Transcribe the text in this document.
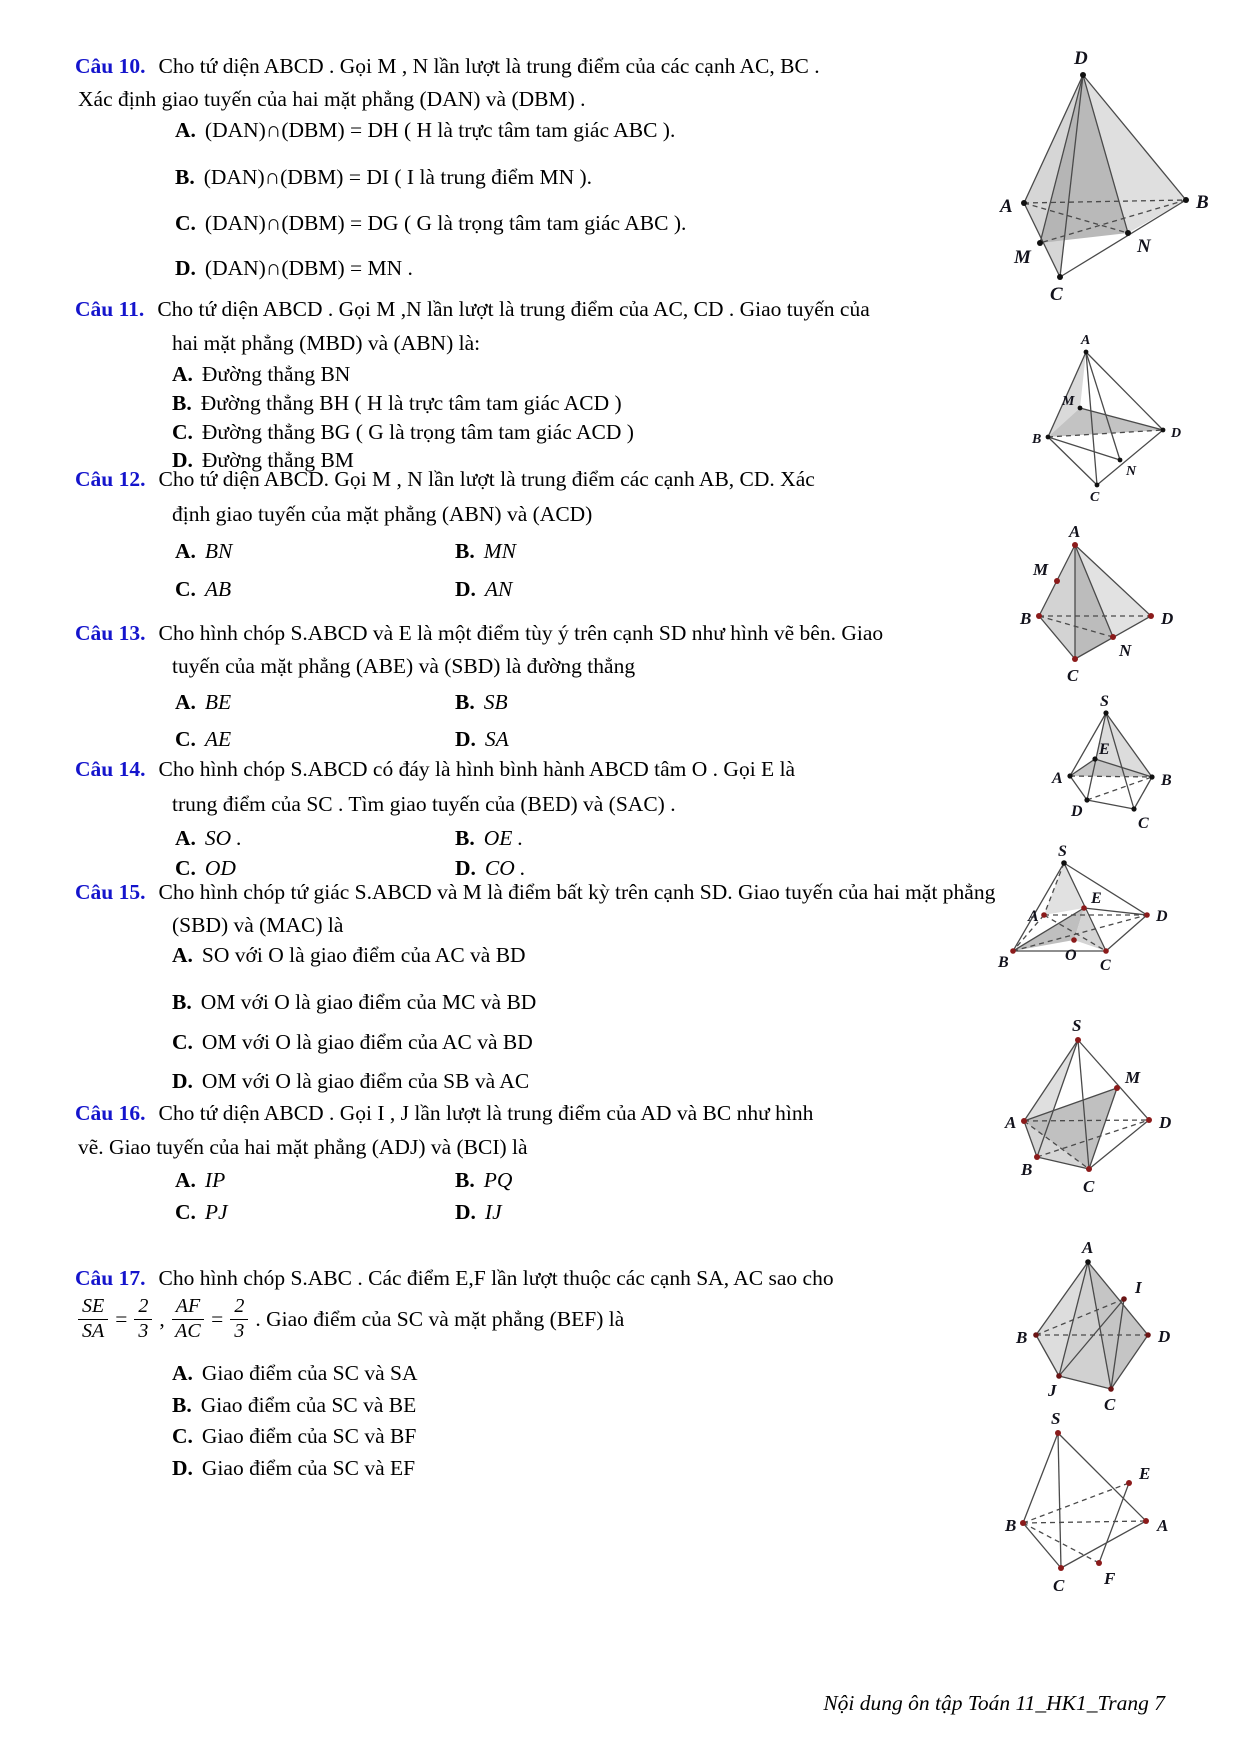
D
A	B
M
N
C
A
M
B	D
N
C
A
M
B	D
N
C
S
E
A	B
D
C
S
E
A	D
O
B	C
S
M
A	D
B
C
A
I
B	D
J
C
S
E
B	A
F
C
Câu 10. Cho tứ diện ABCD . Gọi M , N lần lượt là trung điểm của các cạnh AC, BC .
Xác định giao tuyến của hai mặt phẳng (DAN) và (DBM) .
A. (DAN)∩(DBM) = DH ( H là trực tâm tam giác ABC ).
B. (DAN)∩(DBM) = DI ( I là trung điểm MN ).
C. (DAN)∩(DBM) = DG ( G là trọng tâm tam giác ABC ).
D. (DAN)∩(DBM) = MN .
Câu 11. Cho tứ diện ABCD . Gọi M ,N lần lượt là trung điểm của AC, CD . Giao tuyến của
hai mặt phẳng (MBD) và (ABN) là:
A. Đường thẳng BN
B. Đường thẳng BH ( H là trực tâm tam giác ACD )
C. Đường thẳng BG ( G là trọng tâm tam giác ACD )
D. Đường thẳng BM
Câu 12. Cho tứ diện ABCD. Gọi M , N lần lượt là trung điểm các cạnh AB, CD. Xác
định giao tuyến của mặt phẳng (ABN) và (ACD)
A. BN	B. MN
C. AB	D. AN
Câu 13. Cho hình chóp S.ABCD và E là một điểm tùy ý trên cạnh SD như hình vẽ bên. Giao
tuyến của mặt phẳng (ABE) và (SBD) là đường thẳng
A. BE	B. SB
C. AE	D. SA
Câu 14. Cho hình chóp S.ABCD có đáy là hình bình hành ABCD tâm O . Gọi E là
trung điểm của SC . Tìm giao tuyến của (BED) và (SAC) .
A. SO .	B. OE .
C. OD	D. CO .
Câu 15. Cho hình chóp tứ giác S.ABCD và M là điểm bất kỳ trên cạnh SD. Giao tuyến của hai mặt phẳng
(SBD) và (MAC) là
A. SO với O là giao điểm của AC và BD
B. OM với O là giao điểm của MC và BD
C. OM với O là giao điểm của AC và BD
D. OM với O là giao điểm của SB và AC
Câu 16. Cho tứ diện ABCD . Gọi I , J lần lượt là trung điểm của AD và BC như hình
vẽ. Giao tuyến của hai mặt phẳng (ADJ) và (BCI) là
A. IP	B. PQ
C. PJ	D. IJ
Câu 17. Cho hình chóp S.ABC . Các điểm E,F lần lượt thuộc các cạnh SA, AC sao cho
$\frac{SE}{SA} = \frac{2}{3}$ , $\frac{AF}{AC} = \frac{2}{3}$ . Giao điểm của SC và mặt phẳng (BEF) là
A. Giao điểm của SC và SA
B. Giao điểm của SC và BE
C. Giao điểm của SC và BF
D. Giao điểm của SC và EF
Nội dung ôn tập Toán 11_HK1_Trang 7
